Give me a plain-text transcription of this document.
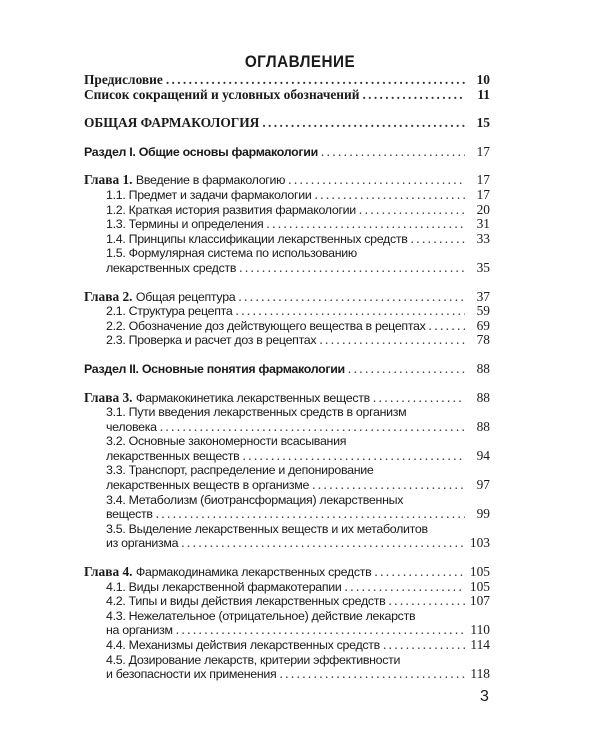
ОГЛАВЛЕНИЕ
Предисловие . . .	10
Список сокращений и условных обозначений . . .	11
ОБЩАЯ ФАРМАКОЛОГИЯ . . .	15
Раздел I. Общие основы фармакологии . . .	17
Глава 1. Введение в фармакологию . . .	17
1.1. Предмет и задачи фармакологии . . .	17
1.2. Краткая история развития фармакологии . . .	20
1.3. Термины и определения . . .	31
1.4. Принципы классификации лекарственных средств . . .	33
1.5. Формулярная система по использованию
лекарственных средств . . .	35
Глава 2. Общая рецептура . . .	37
2.1. Структура рецепта . . .	59
2.2. Обозначение доз действующего вещества в рецептах . . .	69
2.3. Проверка и расчет доз в рецептах . . .	78
Раздел II. Основные понятия фармакологии . . .	88
Глава 3. Фармакокинетика лекарственных веществ . . .	88
3.1. Пути введения лекарственных средств в организм
человека . . .	88
3.2. Основные закономерности всасывания
лекарственных веществ . . .	94
3.3. Транспорт, распределение и депонирование
лекарственных веществ в организме . . .	97
3.4. Метаболизм (биотрансформация) лекарственных
веществ . . .	99
3.5. Выделение лекарственных веществ и их метаболитов
из организма . . .	103
Глава 4. Фармакодинамика лекарственных средств . . .	105
4.1. Виды лекарственной фармакотерапии . . .	105
4.2. Типы и виды действия лекарственных средств . . .	107
4.3. Нежелательное (отрицательное) действие лекарств
на организм . . .	110
4.4. Механизмы действия лекарственных средств . . .	114
4.5. Дозирование лекарств, критерии эффективности
и безопасности их применения . . .	118
3
